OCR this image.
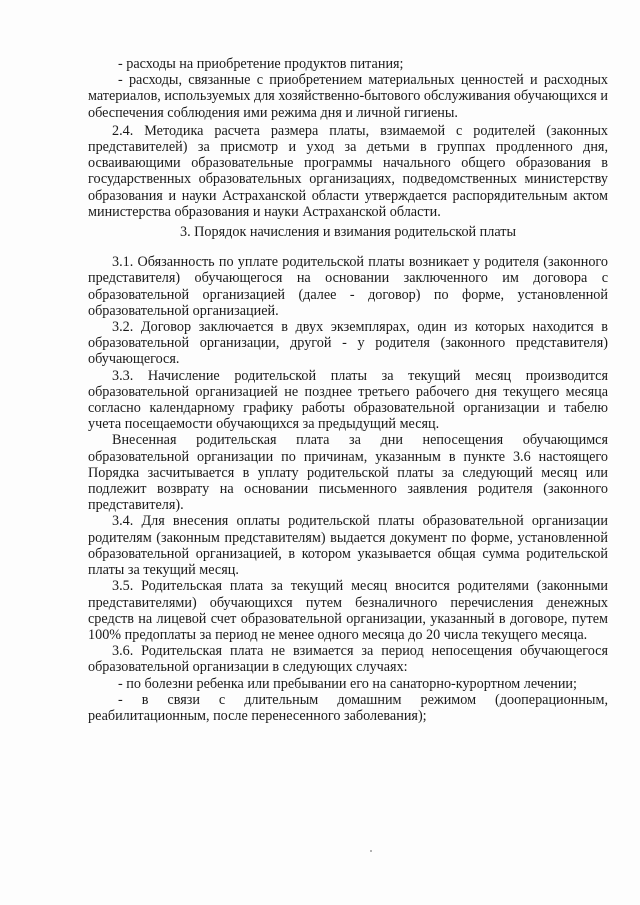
- расходы на приобретение продуктов питания;

- расходы, связанные с приобретением материальных ценностей и расходных материалов, используемых для хозяйственно-бытового обслуживания обучающихся и обеспечения соблюдения ими режима дня и личной гигиены.

2.4. Методика расчета размера платы, взимаемой с родителей (законных представителей) за присмотр и уход за детьми в группах продленного дня, осваивающими образовательные программы начального общего образования в государственных образовательных организациях, подведомственных министерству образования и науки Астраханской области утверждается распорядительным актом министерства образования и науки Астраханской области.

3. Порядок начисления и взимания родительской платы

3.1. Обязанность по уплате родительской платы возникает у родителя (законного представителя) обучающегося на основании заключенного им договора с образовательной организацией (далее - договор) по форме, установленной образовательной организацией.

3.2. Договор заключается в двух экземплярах, один из которых находится в образовательной организации, другой - у родителя (законного представителя) обучающегося.

3.3. Начисление родительской платы за текущий месяц производится образовательной организацией не позднее третьего рабочего дня текущего месяца согласно календарному графику работы образовательной организации и табелю учета посещаемости обучающихся за предыдущий месяц.

Внесенная родительская плата за дни непосещения обучающимся образовательной организации по причинам, указанным в пункте 3.6 настоящего Порядка засчитывается в уплату родительской платы за следующий месяц или подлежит возврату на основании письменного заявления родителя (законного представителя).

3.4. Для внесения оплаты родительской платы образовательной организации родителям (законным представителям) выдается документ по форме, установленной образовательной организацией, в котором указывается общая сумма родительской платы за текущий месяц.

3.5. Родительская плата за текущий месяц вносится родителями (законными представителями) обучающихся путем безналичного перечисления денежных средств на лицевой счет образовательной организации, указанный в договоре, путем 100% предоплаты за период не менее одного месяца до 20 числа текущего месяца.

3.6. Родительская плата не взимается за период непосещения обучающегося образовательной организации в следующих случаях:

- по болезни ребенка или пребывании его на санаторно-курортном лечении;

- в связи с длительным домашним режимом (дооперационным, реабилитационным, после перенесенного заболевания);
